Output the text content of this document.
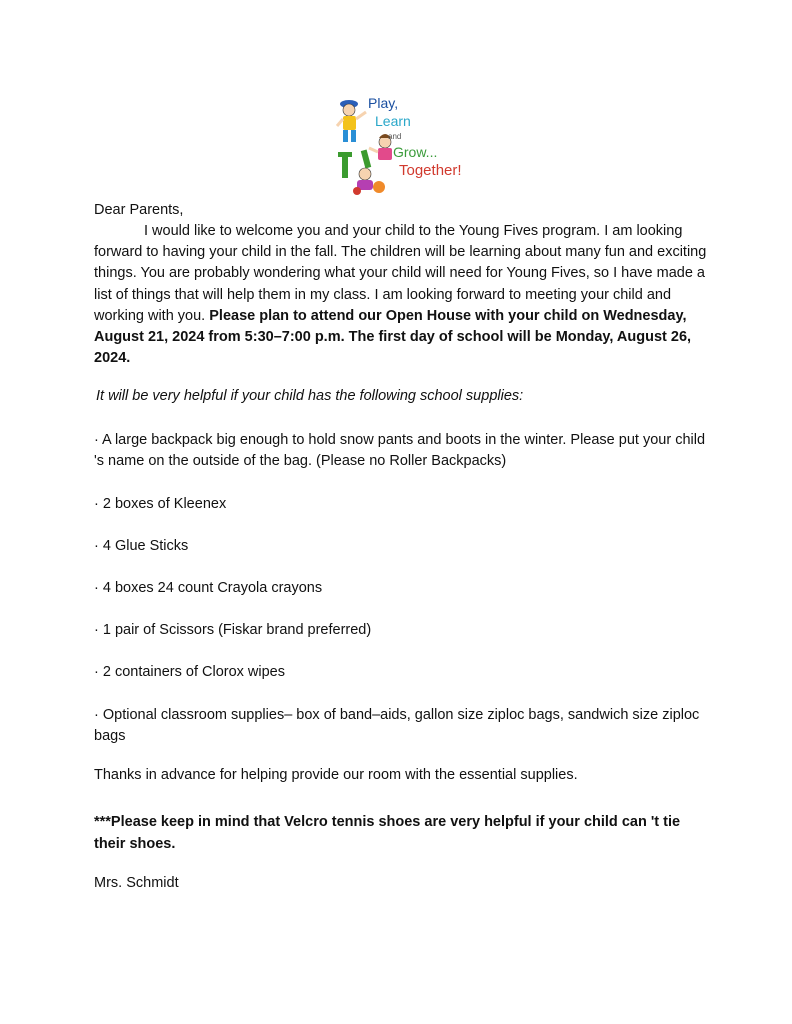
Play,
Learn
and
Grow...
Together!

Dear Parents,

I would like to welcome you and your child to the Young Fives program. I am looking forward to having your child in the fall. The children will be learning about many fun and exciting things. You are probably wondering what your child will need for Young Fives, so I have made a list of things that will help them in my class. I am looking forward to meeting your child and working with you. Please plan to attend our Open House with your child on Wednesday, August 21, 2024 from 5:30–7:00 p.m. The first day of school will be Monday, August 26, 2024.

It will be very helpful if your child has the following school supplies:

· A large backpack big enough to hold snow pants and boots in the winter. Please put your child 's name on the outside of the bag. (Please no Roller Backpacks)

· 2 boxes of Kleenex

· 4 Glue Sticks

· 4 boxes 24 count Crayola crayons

· 1 pair of Scissors (Fiskar brand preferred)

· 2 containers of Clorox wipes

· Optional classroom supplies– box of band–aids, gallon size ziploc bags, sandwich size ziploc bags

Thanks in advance for helping provide our room with the essential supplies.

***Please keep in mind that Velcro tennis shoes are very helpful if your child can 't tie their shoes.

Mrs. Schmidt
